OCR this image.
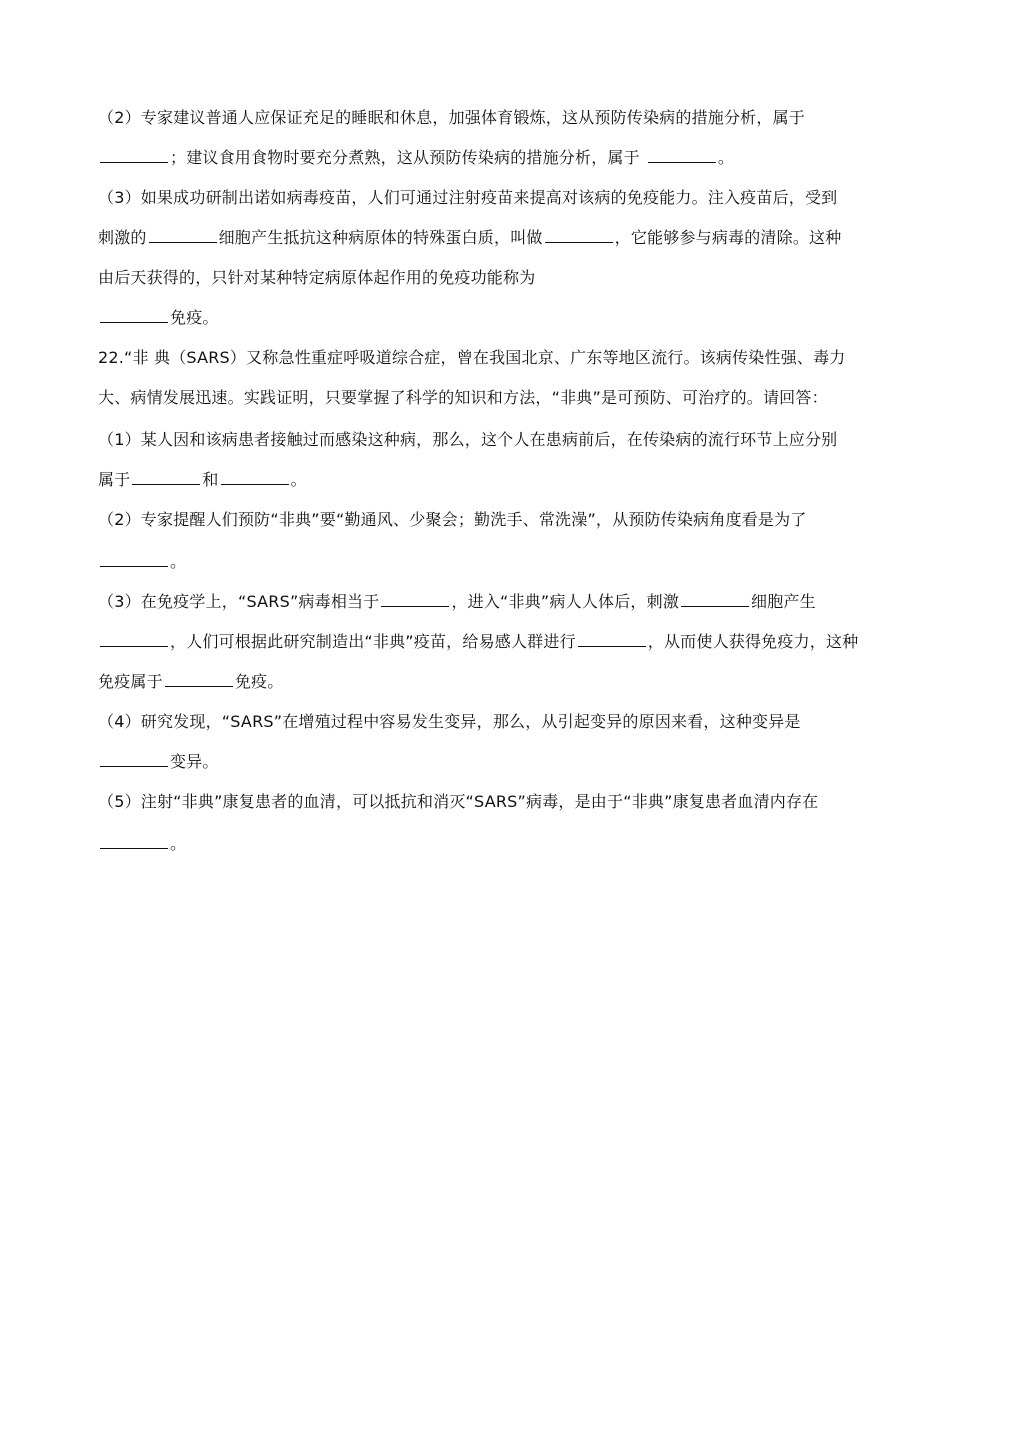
（2）专家建议普通人应保证充足的睡眠和休息，加强体育锻炼，这从预防传染病的措施分析，属于
；建议食用食物时要充分煮熟，这从预防传染病的措施分析，属于	。
（3）如果成功研制出诺如病毒疫苗，人们可通过注射疫苗来提高对该病的免疫能力。注入疫苗后，受到
刺激的	细胞产生抵抗这种病原体的特殊蛋白质，叫做	，它能够参与病毒的清除。这种
由后天获得的，只针对某种特定病原体起作用的免疫功能称为
免疫。
22.“非 典（SARS）又称急性重症呼吸道综合症，曾在我国北京、广东等地区流行。该病传染性强、毒力
大、病情发展迅速。实践证明，只要掌握了科学的知识和方法，“非典”是可预防、可治疗的。请回答：
（1）某人因和该病患者接触过而感染这种病，那么，这个人在患病前后，在传染病的流行环节上应分别
属于	和	。
（2）专家提醒人们预防“非典”要“勤通风、少聚会；勤洗手、常洗澡”，从预防传染病角度看是为了
。
（3）在免疫学上，“SARS”病毒相当于	，进入“非典”病人人体后，刺激	细胞产生
，人们可根据此研究制造出“非典”疫苗，给易感人群进行	，从而使人获得免疫力，这种
免疫属于	免疫。
（4）研究发现，“SARS”在增殖过程中容易发生变异，那么，从引起变异的原因来看，这种变异是
变异。
（5）注射“非典”康复患者的血清，可以抵抗和消灭“SARS”病毒，是由于“非典”康复患者血清内存在
。
